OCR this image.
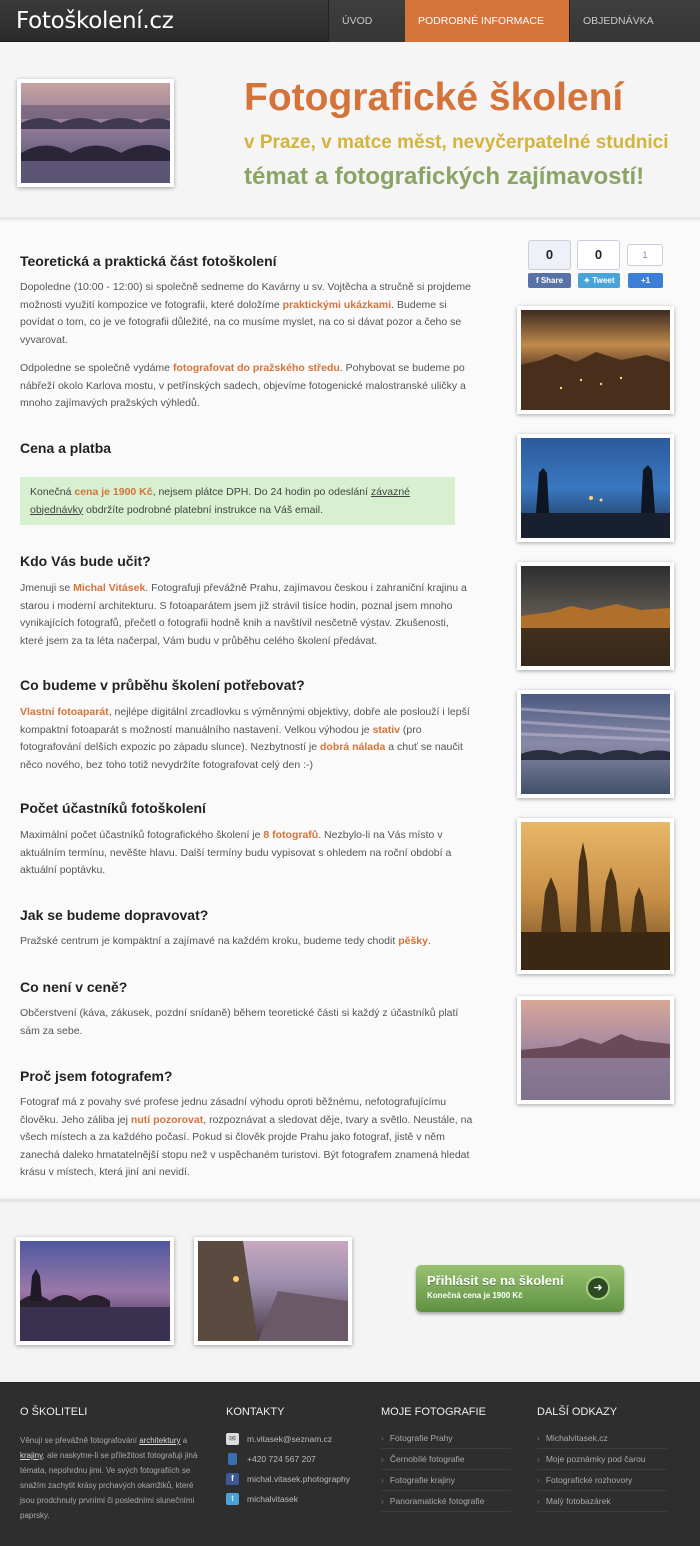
Fotoškolení.cz	ÚVOD	PODROBNÉ INFORMACE	OBJEDNÁVKA
Fotografické školení
v Praze, v matce měst, nevyčerpatelné studnici
témat a fotografických zajímavostí!
Teoretická a praktická část fotoškolení
Dopoledne (10:00 - 12:00) si společně sedneme do Kavárny u sv. Vojtěcha a stručně si projdeme možnosti využití kompozice ve fotografii, které doložíme praktickými ukázkami. Budeme si povídat o tom, co je ve fotografii důležité, na co musíme myslet, na co si dávat pozor a čeho se vyvarovat.
Odpoledne se společně vydáme fotografovat do pražského středu. Pohybovat se budeme po nábřeží okolo Karlova mostu, v petřínských sadech, objevíme fotogenické malostranské uličky a mnoho zajímavých pražských výhledů.
Cena a platba
Konečná cena je 1900 Kč, nejsem plátce DPH. Do 24 hodin po odeslání závazné objednávky obdržíte podrobné platební instrukce na Váš email.
Kdo Vás bude učit?
Jmenuji se Michal Vitásek. Fotografuji převážně Prahu, zajímavou českou i zahraniční krajinu a starou i moderní architekturu. S fotoaparátem jsem již strávil tisíce hodin, poznal jsem mnoho vynikajících fotografů, přečetl o fotografii hodně knih a navštívil nesčetně výstav. Zkušenosti, které jsem za ta léta načerpal, Vám budu v průběhu celého školení předávat.
Co budeme v průběhu školení potřebovat?
Vlastní fotoaparát, nejlépe digitální zrcadlovku s výměnnými objektivy, dobře ale poslouží i lepší kompaktní fotoaparát s možností manuálního nastavení. Velkou výhodou je stativ (pro fotografování delších expozic po západu slunce). Nezbytností je dobrá nálada a chuť se naučit něco nového, bez toho totiž nevydržíte fotografovat celý den :-)
Počet účastníků fotoškolení
Maximální počet účastníků fotografického školení je 8 fotografů. Nezbylo-li na Vás místo v aktuálním termínu, nevěšte hlavu. Další termíny budu vypisovat s ohledem na roční období a aktuální poptávku.
Jak se budeme dopravovat?
Pražské centrum je kompaktní a zajímavé na každém kroku, budeme tedy chodit pěšky.
Co není v ceně?
Občerstvení (káva, zákusek, pozdní snídaně) během teoretické části si každý z účastníků platí sám za sebe.
Proč jsem fotografem?
Fotograf má z povahy své profese jednu zásadní výhodu oproti běžnému, nefotografujícímu člověku. Jeho záliba jej nutí pozorovat, rozpoznávat a sledovat děje, tvary a světlo. Neustále, na všech místech a za každého počasí. Pokud si člověk projde Prahu jako fotograf, jistě v něm zanechá daleko hmatatelnější stopu než v uspěchaném turistovi. Být fotografem znamená hledat krásu v místech, která jiní ani nevidí.
0	0	1
f Share	✦ Tweet	+1
Přihlásit se na školení
Konečná cena je 1900 Kč
➜
O ŠKOLITELI
Věnuji se převážně fotografování architektury a krajiny, ale naskytne-li se příležitost fotografuji jiná témata, nepohrdnu jimi. Ve svých fotografiích se snažím zachytit krásy prchavých okamžiků, které jsou prodchnuty prvními či posledními slunečními paprsky.
KONTAKTY
✉	m.vitasek@seznam.cz
+420 724 567 207
f	michal.vitasek.photography
t	michalvitasek
MOJE FOTOGRAFIE
› Fotografie Prahy
› Černobílé fotografie
› Fotografie krajiny
› Panoramatické fotografie
DALŠÍ ODKAZY
› Michalvitasek.cz
› Moje poznámky pod čarou
› Fotografické rozhovory
› Malý fotobazárek
